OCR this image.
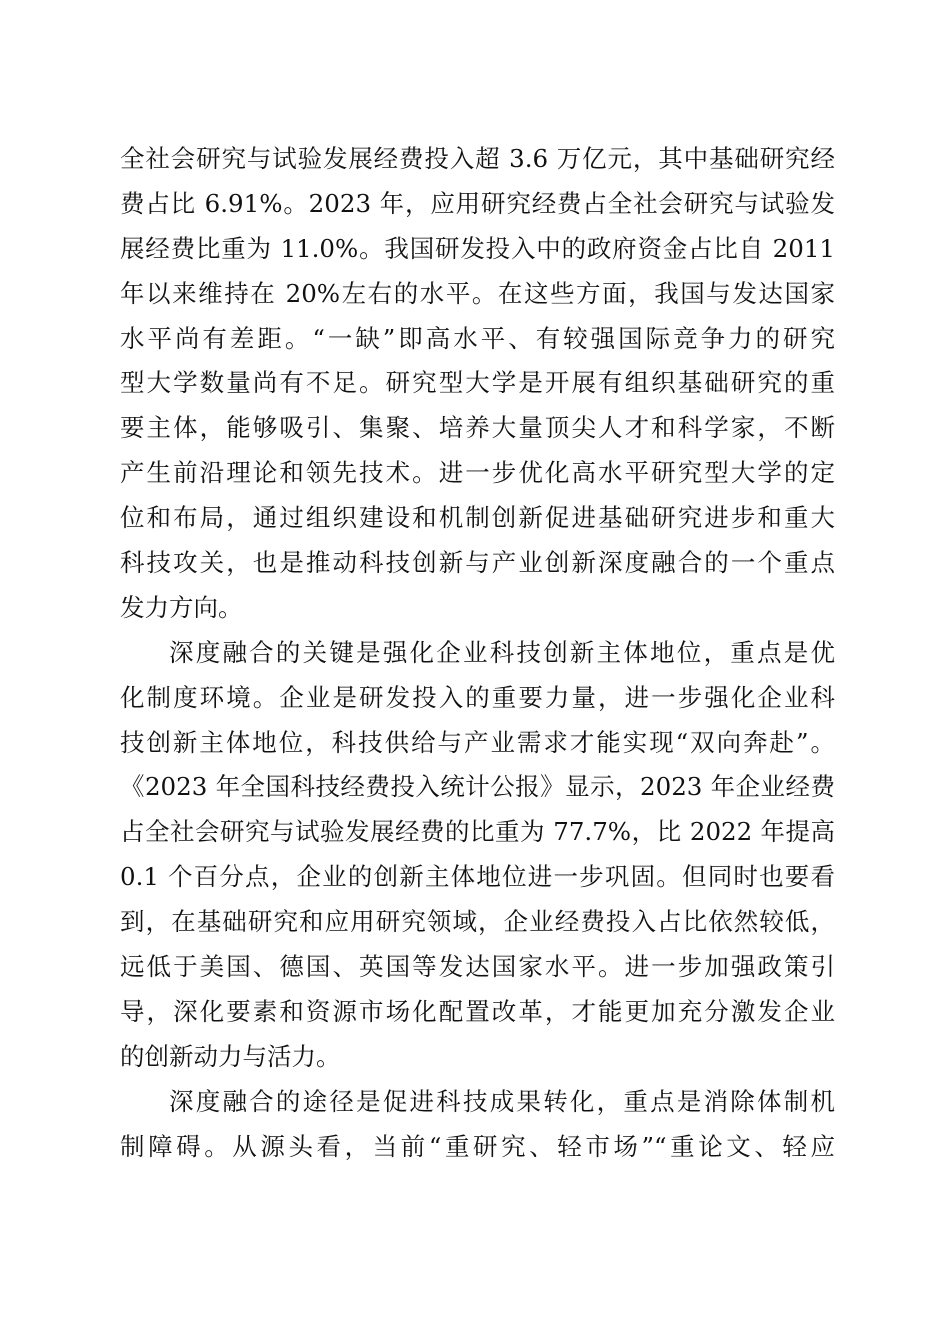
全社会研究与试验发展经费投入超 3.6 万亿元，其中基础研究经
费占比 6.91%。2023 年，应用研究经费占全社会研究与试验发
展经费比重为 11.0%。我国研发投入中的政府资金占比自 2011
年以来维持在 20%左右的水平。在这些方面，我国与发达国家
水平尚有差距。“一缺”即高水平、有较强国际竞争力的研究
型大学数量尚有不足。研究型大学是开展有组织基础研究的重
要主体，能够吸引、集聚、培养大量顶尖人才和科学家，不断
产生前沿理论和领先技术。进一步优化高水平研究型大学的定
位和布局，通过组织建设和机制创新促进基础研究进步和重大
科技攻关，也是推动科技创新与产业创新深度融合的一个重点
发力方向。
深度融合的关键是强化企业科技创新主体地位，重点是优
化制度环境。企业是研发投入的重要力量，进一步强化企业科
技创新主体地位，科技供给与产业需求才能实现“双向奔赴”。
《2023 年全国科技经费投入统计公报》显示，2023 年企业经费
占全社会研究与试验发展经费的比重为 77.7%，比 2022 年提高
0.1 个百分点，企业的创新主体地位进一步巩固。但同时也要看
到，在基础研究和应用研究领域，企业经费投入占比依然较低，
远低于美国、德国、英国等发达国家水平。进一步加强政策引
导，深化要素和资源市场化配置改革，才能更加充分激发企业
的创新动力与活力。
深度融合的途径是促进科技成果转化，重点是消除体制机
制障碍。从源头看，当前“重研究、轻市场”“重论文、轻应
